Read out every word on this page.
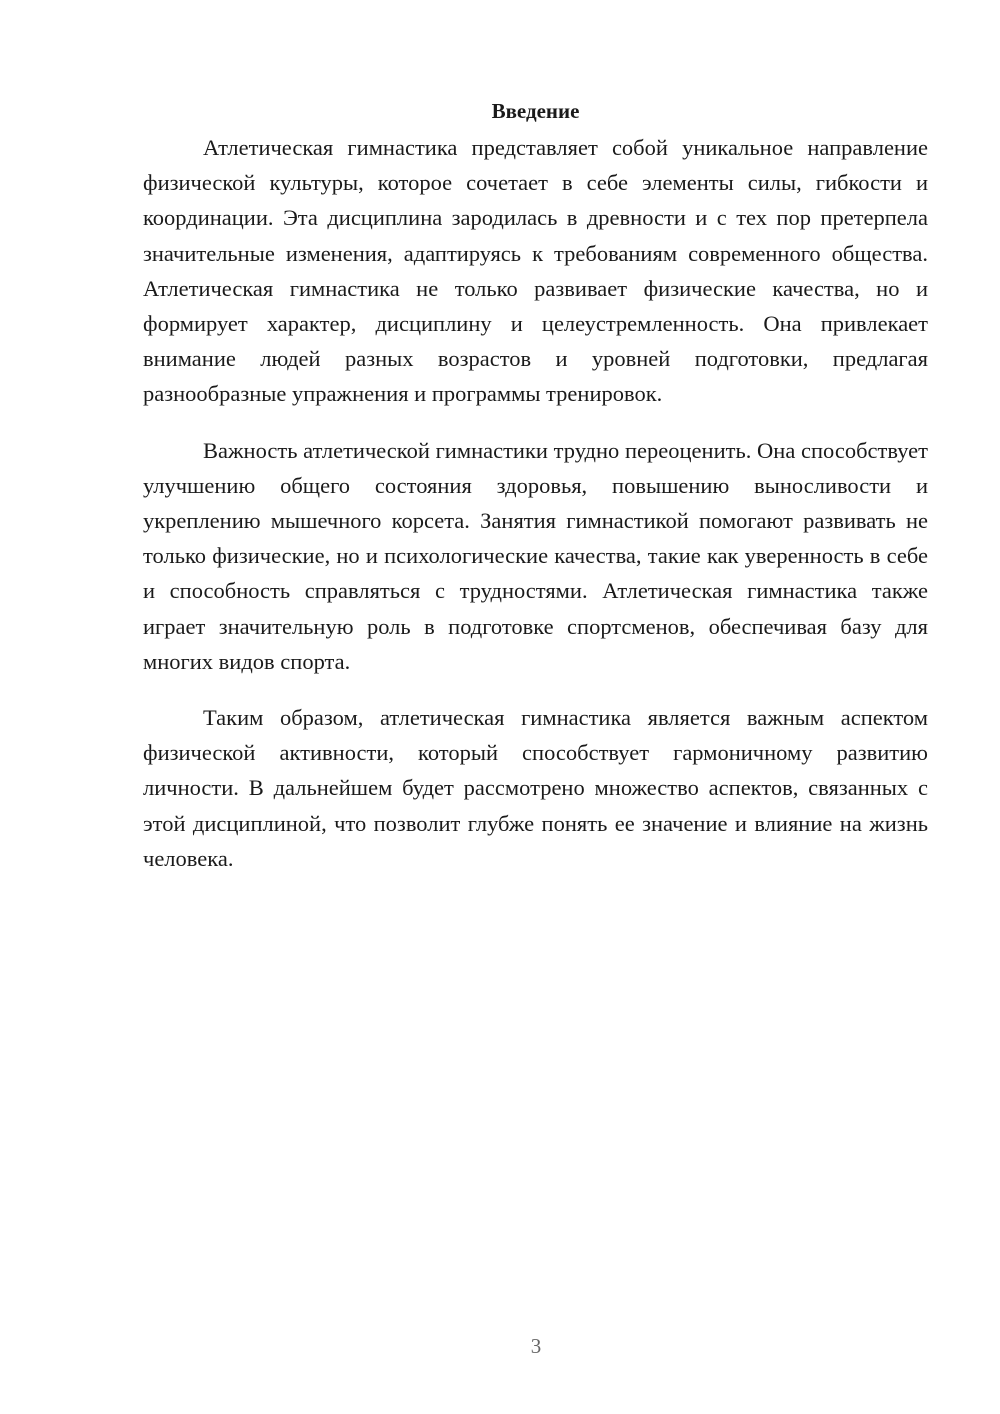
Введение

Атлетическая гимнастика представляет собой уникальное направление физической культуры, которое сочетает в себе элементы силы, гибкости и координации. Эта дисциплина зародилась в древности и с тех пор претерпела значительные изменения, адаптируясь к требованиям современного общества. Атлетическая гимнастика не только развивает физические качества, но и формирует характер, дисциплину и целеустремленность. Она привлекает внимание людей разных возрастов и уровней подготовки, предлагая разнообразные упражнения и программы тренировок.

Важность атлетической гимнастики трудно переоценить. Она способствует улучшению общего состояния здоровья, повышению выносливости и укреплению мышечного корсета. Занятия гимнастикой помогают развивать не только физические, но и психологические качества, такие как уверенность в себе и способность справляться с трудностями. Атлетическая гимнастика также играет значительную роль в подготовке спортсменов, обеспечивая базу для многих видов спорта.

Таким образом, атлетическая гимнастика является важным аспектом физической активности, который способствует гармоничному развитию личности. В дальнейшем будет рассмотрено множество аспектов, связанных с этой дисциплиной, что позволит глубже понять ее значение и влияние на жизнь человека.

3
